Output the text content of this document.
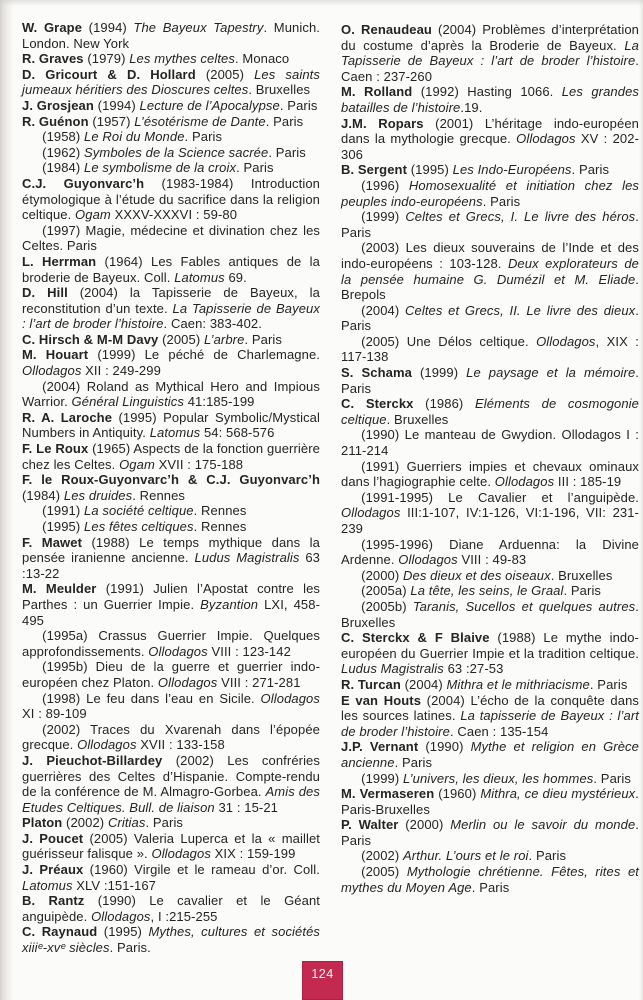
W. Grape (1994) The Bayeux Tapestry. Munich. London. New York

R. Graves (1979) Les mythes celtes. Monaco

D. Gricourt & D. Hollard (2005) Les saints jumeaux héritiers des Dioscures celtes. Bruxelles

J. Grosjean (1994) Lecture de l’Apocalypse. Paris

R. Guénon (1957) L’ésotérisme de Dante. Paris

(1958) Le Roi du Monde. Paris

(1962) Symboles de la Science sacrée. Paris

(1984) Le symbolisme de la croix. Paris

C.J. Guyonvarc’h (1983-1984) Introduction étymologique à l’étude du sacrifice dans la religion celtique. Ogam XXXV-XXXVI : 59-80

(1997) Magie, médecine et divination chez les Celtes. Paris

L. Herrman (1964) Les Fables antiques de la broderie de Bayeux. Coll. Latomus 69.

D. Hill (2004) la Tapisserie de Bayeux, la reconstitution d’un texte. La Tapisserie de Bayeux : l’art de broder l’histoire. Caen: 383-402.

C. Hirsch & M-M Davy (2005) L’arbre. Paris

M. Houart (1999) Le péché de Charlemagne. Ollodagos XII : 249-299

(2004) Roland as Mythical Hero and Impious Warrior. Général Linguistics 41:185-199

R. A. Laroche (1995) Popular Symbolic/Mystical Numbers in Antiquity. Latomus 54: 568-576

F. Le Roux (1965) Aspects de la fonction guerrière chez les Celtes. Ogam XVII : 175-188

F. le Roux-Guyonvarc’h & C.J. Guyonvarc’h (1984) Les druides. Rennes

(1991) La société celtique. Rennes

(1995) Les fêtes celtiques. Rennes

F. Mawet (1988) Le temps mythique dans la pensée iranienne ancienne. Ludus Magistralis 63 :13-22

M. Meulder (1991) Julien l’Apostat contre les Parthes : un Guerrier Impie. Byzantion LXI, 458-495

(1995a) Crassus Guerrier Impie. Quelques approfondissements. Ollodagos VIII : 123-142

(1995b) Dieu de la guerre et guerrier indo-européen chez Platon. Ollodagos VIII : 271-281

(1998) Le feu dans l’eau en Sicile. Ollodagos XI : 89-109

(2002) Traces du Xvarenah dans l’épopée grecque. Ollodagos XVII : 133-158

J. Pieuchot-Billardey (2002) Les confréries guerrières des Celtes d’Hispanie. Compte-rendu de la conférence de M. Almagro-Gorbea. Amis des Etudes Celtiques. Bull. de liaison 31 : 15-21

Platon (2002) Critias. Paris

J. Poucet (2005) Valeria Luperca et la « maillet guérisseur falisque ». Ollodagos XIX : 159-199

J. Préaux (1960) Virgile et le rameau d’or. Coll. Latomus XLV :151-167

B. Rantz (1990) Le cavalier et le Géant anguipède. Ollodagos, I :215-255

C. Raynaud (1995) Mythes, cultures et sociétés xiiiᵉ-xvᵉ siècles. Paris.

O. Renaudeau (2004) Problèmes d’interprétation du costume d’après la Broderie de Bayeux. La Tapisserie de Bayeux : l’art de broder l’histoire. Caen : 237-260

M. Rolland (1992) Hasting 1066. Les grandes batailles de l’histoire.19.

J.M. Ropars (2001) L’héritage indo-européen dans la mythologie grecque. Ollodagos XV : 202-306

B. Sergent (1995) Les Indo-Européens. Paris

(1996) Homosexualité et initiation chez les peuples indo-européens. Paris

(1999) Celtes et Grecs, I. Le livre des héros. Paris

(2003) Les dieux souverains de l’Inde et des indo-européens : 103-128. Deux explorateurs de la pensée humaine G. Dumézil et M. Eliade. Brepols

(2004) Celtes et Grecs, II. Le livre des dieux. Paris

(2005) Une Délos celtique. Ollodagos, XIX : 117-138

S. Schama (1999) Le paysage et la mémoire. Paris

C. Sterckx (1986) Eléments de cosmogonie celtique. Bruxelles

(1990) Le manteau de Gwydion. Ollodagos I : 211-214

(1991) Guerriers impies et chevaux ominaux dans l’hagiographie celte. Ollodagos III : 185-19

(1991-1995) Le Cavalier et l’anguipède. Ollodagos III:1-107, IV:1-126, VI:1-196, VII: 231- 239

(1995-1996) Diane Arduenna: la Divine Ardenne. Ollodagos VIII : 49-83

(2000) Des dieux et des oiseaux. Bruxelles

(2005a) La tête, les seins, le Graal. Paris

(2005b) Taranis, Sucellos et quelques autres. Bruxelles

C. Sterckx & F Blaive (1988) Le mythe indo-européen du Guerrier Impie et la tradition celtique. Ludus Magistralis 63 :27-53

R. Turcan (2004) Mithra et le mithriacisme. Paris

E van Houts (2004) L’écho de la conquête dans les sources latines. La tapisserie de Bayeux : l’art de broder l’histoire. Caen : 135-154

J.P. Vernant (1990) Mythe et religion en Grèce ancienne. Paris

(1999) L’univers, les dieux, les hommes. Paris

M. Vermaseren (1960) Mithra, ce dieu mystérieux. Paris-Bruxelles

P. Walter (2000) Merlin ou le savoir du monde. Paris

(2002) Arthur. L’ours et le roi. Paris

(2005) Mythologie chrétienne. Fêtes, rites et mythes du Moyen Age. Paris

124
